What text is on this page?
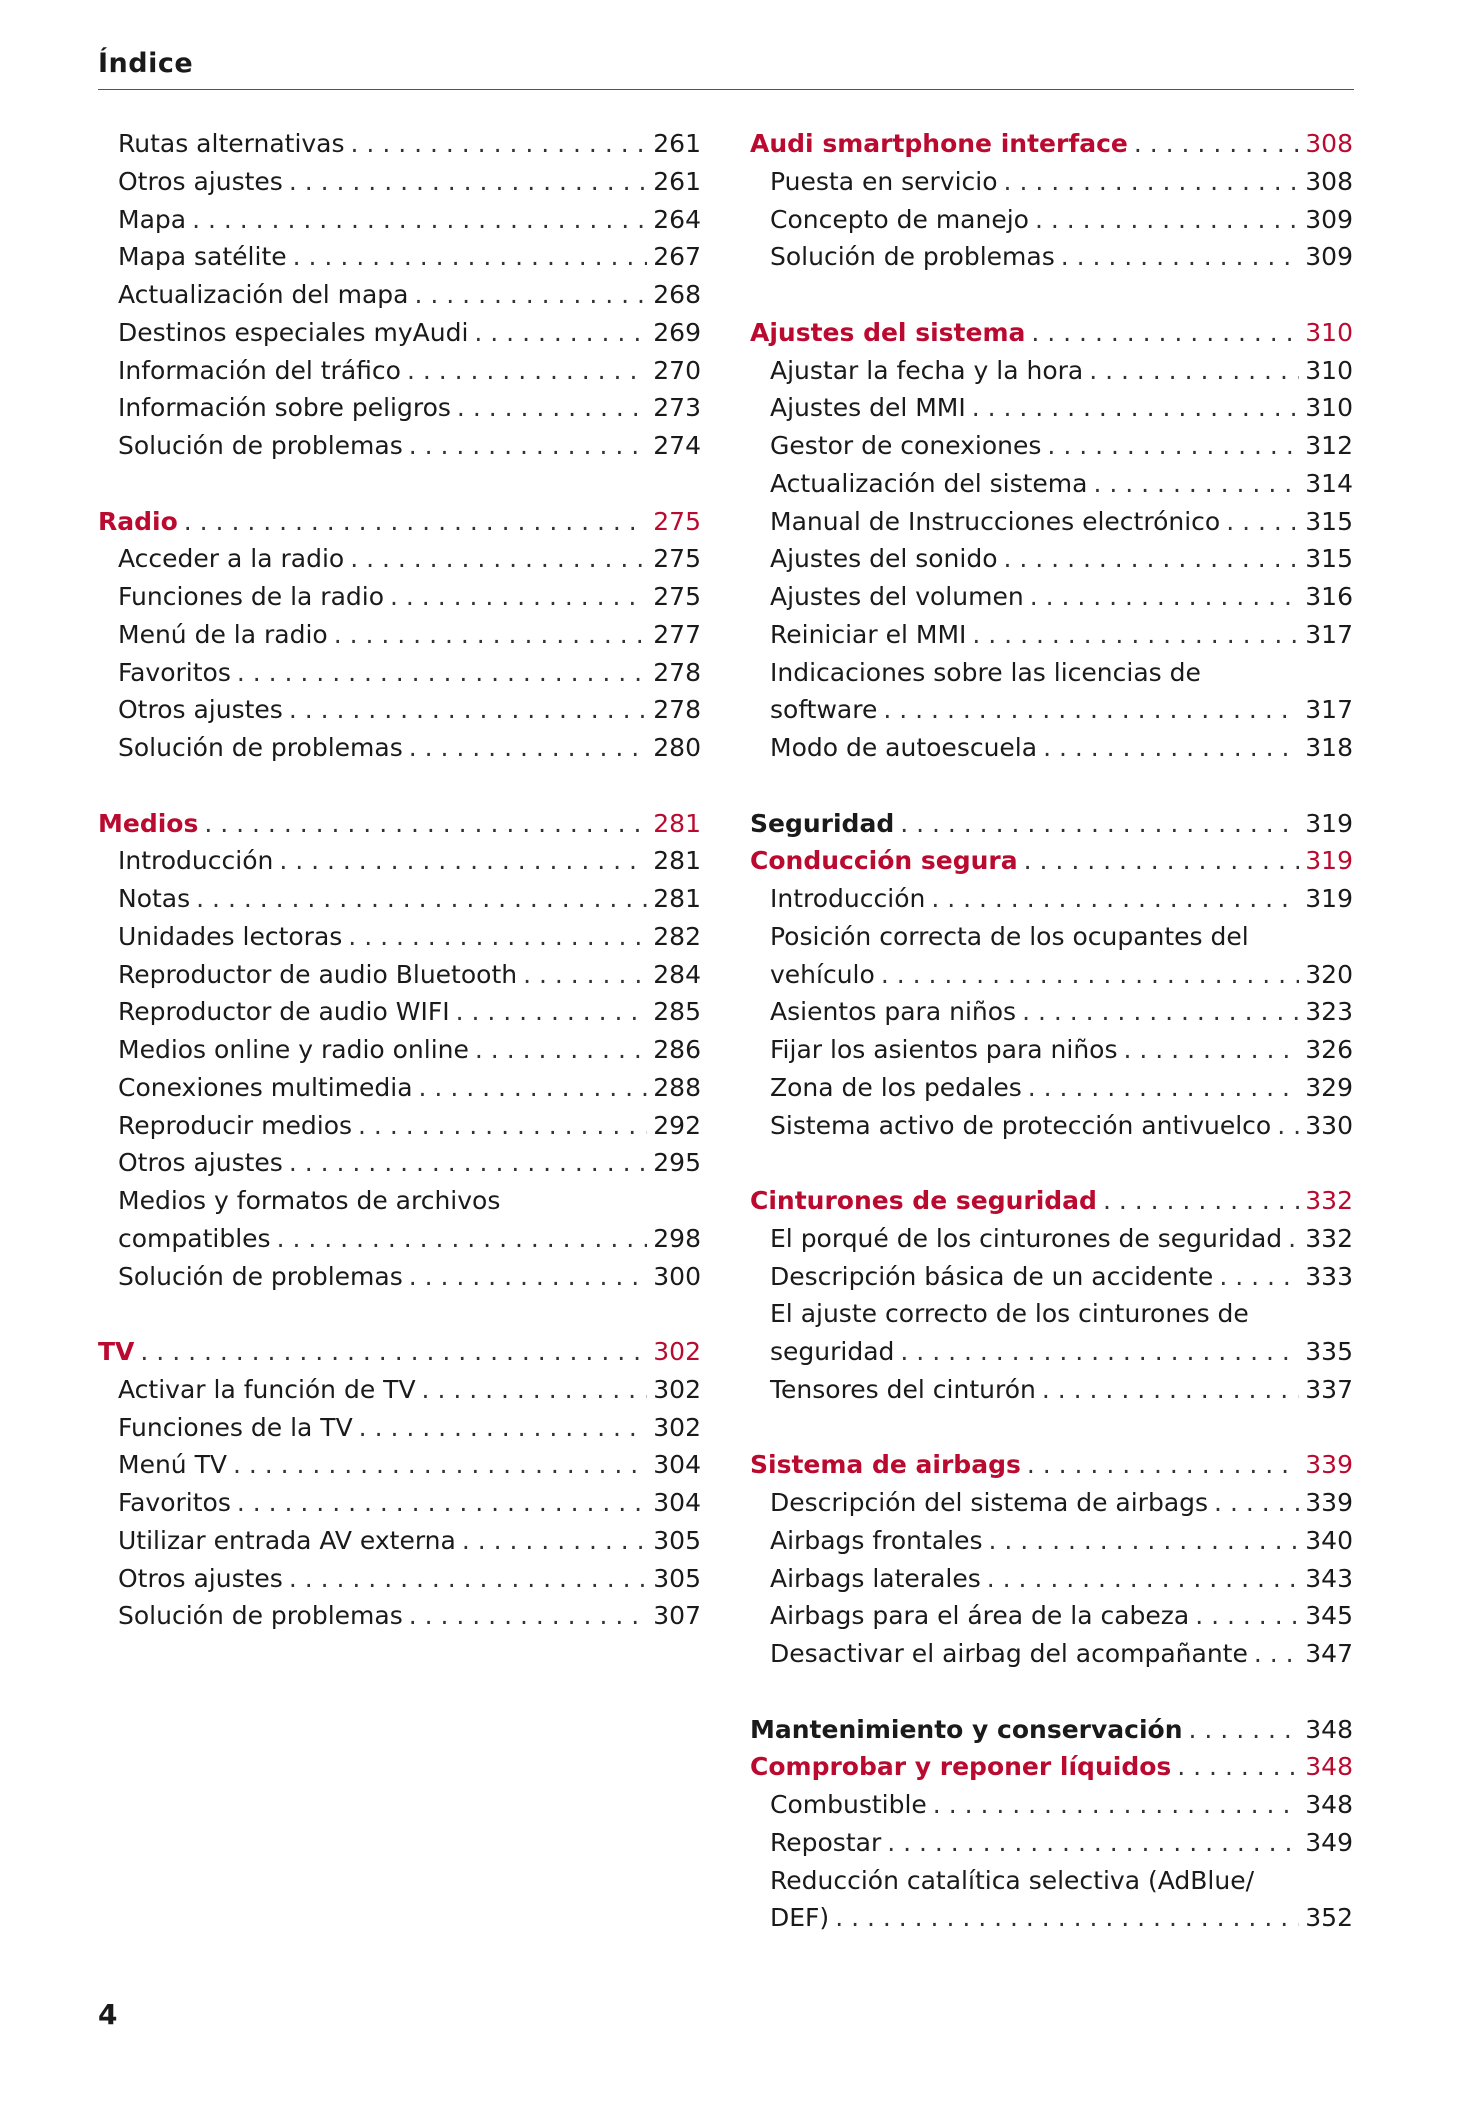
Índice
Rutas alternativas . . .	261
Otros ajustes . . .	261
Mapa . . .	264
Mapa satélite . . .	267
Actualización del mapa . . .	268
Destinos especiales myAudi . . .	269
Información del tráfico . . .	270
Información sobre peligros . . .	273
Solución de problemas . . .	274
Radio . . .	275
Acceder a la radio . . .	275
Funciones de la radio . . .	275
Menú de la radio . . .	277
Favoritos . . .	278
Otros ajustes . . .	278
Solución de problemas . . .	280
Medios . . .	281
Introducción . . .	281
Notas . . .	281
Unidades lectoras . . .	282
Reproductor de audio Bluetooth . . .	284
Reproductor de audio WIFI . . .	285
Medios online y radio online . . .	286
Conexiones multimedia . . .	288
Reproducir medios . . .	292
Otros ajustes . . .	295
Medios y formatos de archivos
compatibles . . .	298
Solución de problemas . . .	300
TV . . .	302
Activar la función de TV . . .	302
Funciones de la TV . . .	302
Menú TV . . .	304
Favoritos . . .	304
Utilizar entrada AV externa . . .	305
Otros ajustes . . .	305
Solución de problemas . . .	307
Audi smartphone interface . . .	308
Puesta en servicio . . .	308
Concepto de manejo . . .	309
Solución de problemas . . .	309
Ajustes del sistema . . .	310
Ajustar la fecha y la hora . . .	310
Ajustes del MMI . . .	310
Gestor de conexiones . . .	312
Actualización del sistema . . .	314
Manual de Instrucciones electrónico . . .	315
Ajustes del sonido . . .	315
Ajustes del volumen . . .	316
Reiniciar el MMI . . .	317
Indicaciones sobre las licencias de
software . . .	317
Modo de autoescuela . . .	318
Seguridad . . .	319
Conducción segura . . .	319
Introducción . . .	319
Posición correcta de los ocupantes del
vehículo . . .	320
Asientos para niños . . .	323
Fijar los asientos para niños . . .	326
Zona de los pedales . . .	329
Sistema activo de protección antivuelco . . . 330
Cinturones de seguridad . . .	332
El porqué de los cinturones de seguridad . . . 332
Descripción básica de un accidente . . .	333
El ajuste correcto de los cinturones de
seguridad . . .	335
Tensores del cinturón . . .	337
Sistema de airbags . . .	339
Descripción del sistema de airbags . . .	339
Airbags frontales . . .	340
Airbags laterales . . .	343
Airbags para el área de la cabeza . . .	345
Desactivar el airbag del acompañante . . . 347
Mantenimiento y conservación . . .	348
Comprobar y reponer líquidos . . .	348
Combustible . . .	348
Repostar . . .	349
Reducción catalítica selectiva (AdBlue/
DEF) . . .	352
4
